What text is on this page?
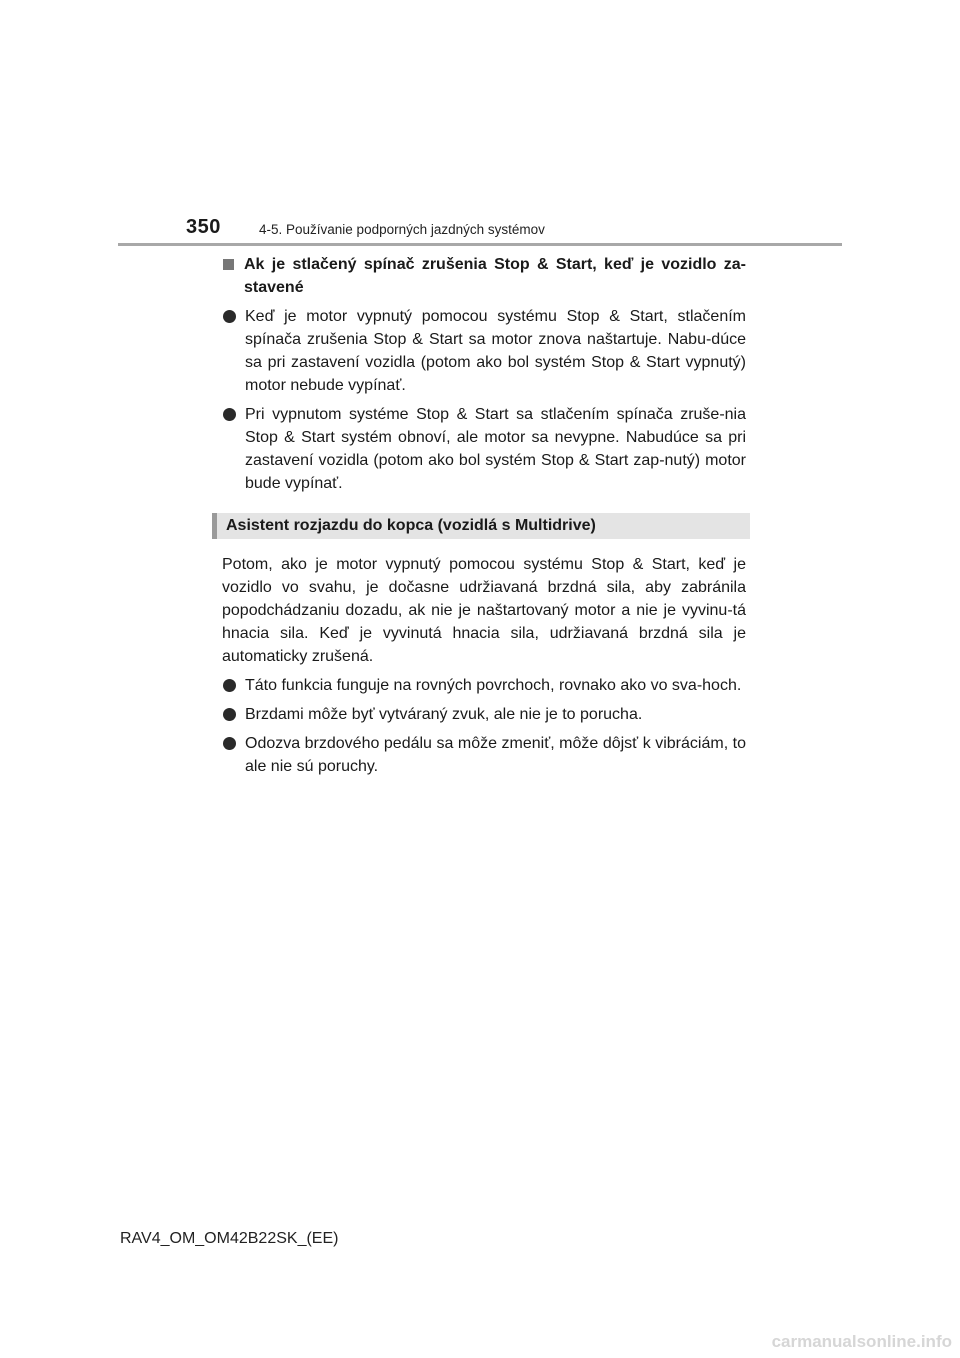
350	4-5. Používanie podporných jazdných systémov
Ak je stlačený spínač zrušenia Stop & Start, keď je vozidlo za-stavené
Keď je motor vypnutý pomocou systému Stop & Start, stlačením spínača zrušenia Stop & Start sa motor znova naštartuje. Nabu-dúce sa pri zastavení vozidla (potom ako bol systém Stop & Start vypnutý) motor nebude vypínať.
Pri vypnutom systéme Stop & Start sa stlačením spínača zruše-nia Stop & Start systém obnoví, ale motor sa nevypne. Nabudúce sa pri zastavení vozidla (potom ako bol systém Stop & Start zap-nutý) motor bude vypínať.
Asistent rozjazdu do kopca (vozidlá s Multidrive)

Potom, ako je motor vypnutý pomocou systému Stop & Start, keď je vozidlo vo svahu, je dočasne udržiavaná brzdná sila, aby zabránila popodchádzaniu dozadu, ak nie je naštartovaný motor a nie je vyvinu-tá hnacia sila. Keď je vyvinutá hnacia sila, udržiavaná brzdná sila je automaticky zrušená.

Táto funkcia funguje na rovných povrchoch, rovnako ako vo sva-hoch.
Brzdami môže byť vytváraný zvuk, ale nie je to porucha.
Odozva brzdového pedálu sa môže zmeniť, môže dôjsť k vibráciám, to ale nie sú poruchy.
RAV4_OM_OM42B22SK_(EE)
carmanualsonline.info
